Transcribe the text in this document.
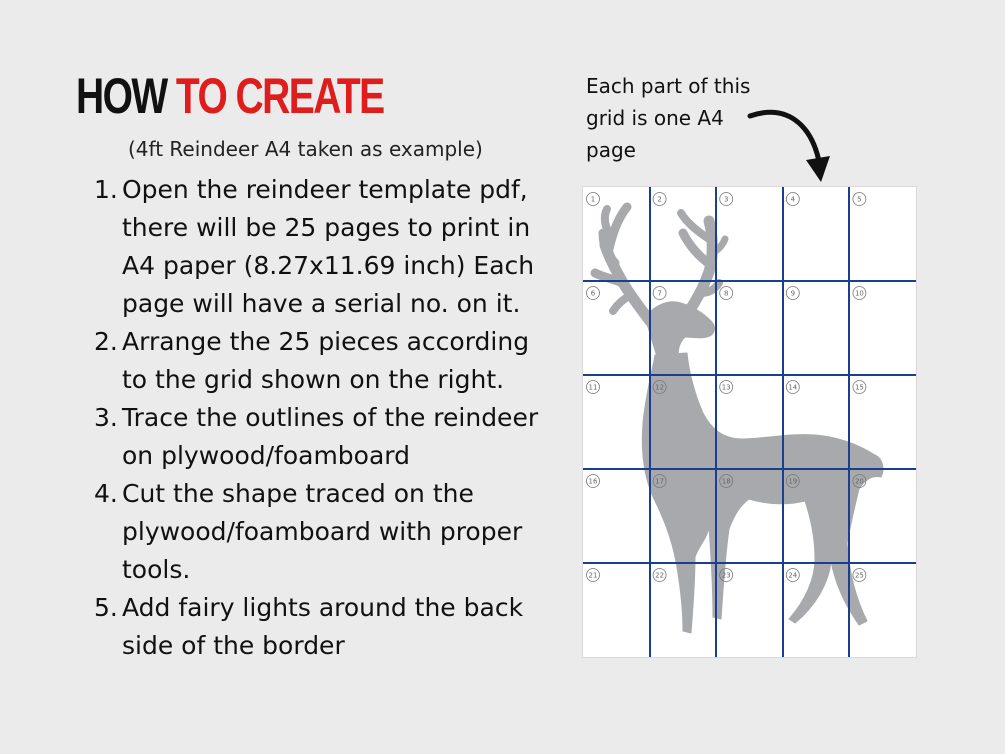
HOW TO CREATE
(4ft Reindeer A4 taken as example)
1. Open the reindeer template pdf, there will be 25 pages to print in A4 paper (8.27x11.69 inch) Each page will have a serial no. on it.
2. Arrange the 25 pieces according to the grid shown on the right.
3. Trace the outlines of the reindeer on plywood/foamboard
4. Cut the shape traced on the plywood/foamboard with proper tools.
5. Add fairy lights around the back side of the border
Each part of this grid is one A4 page
1	2	3	4	5
6	7	8	9	10
11	12	13	14	15
16	17	18	19	20
21	22	23	24	25
